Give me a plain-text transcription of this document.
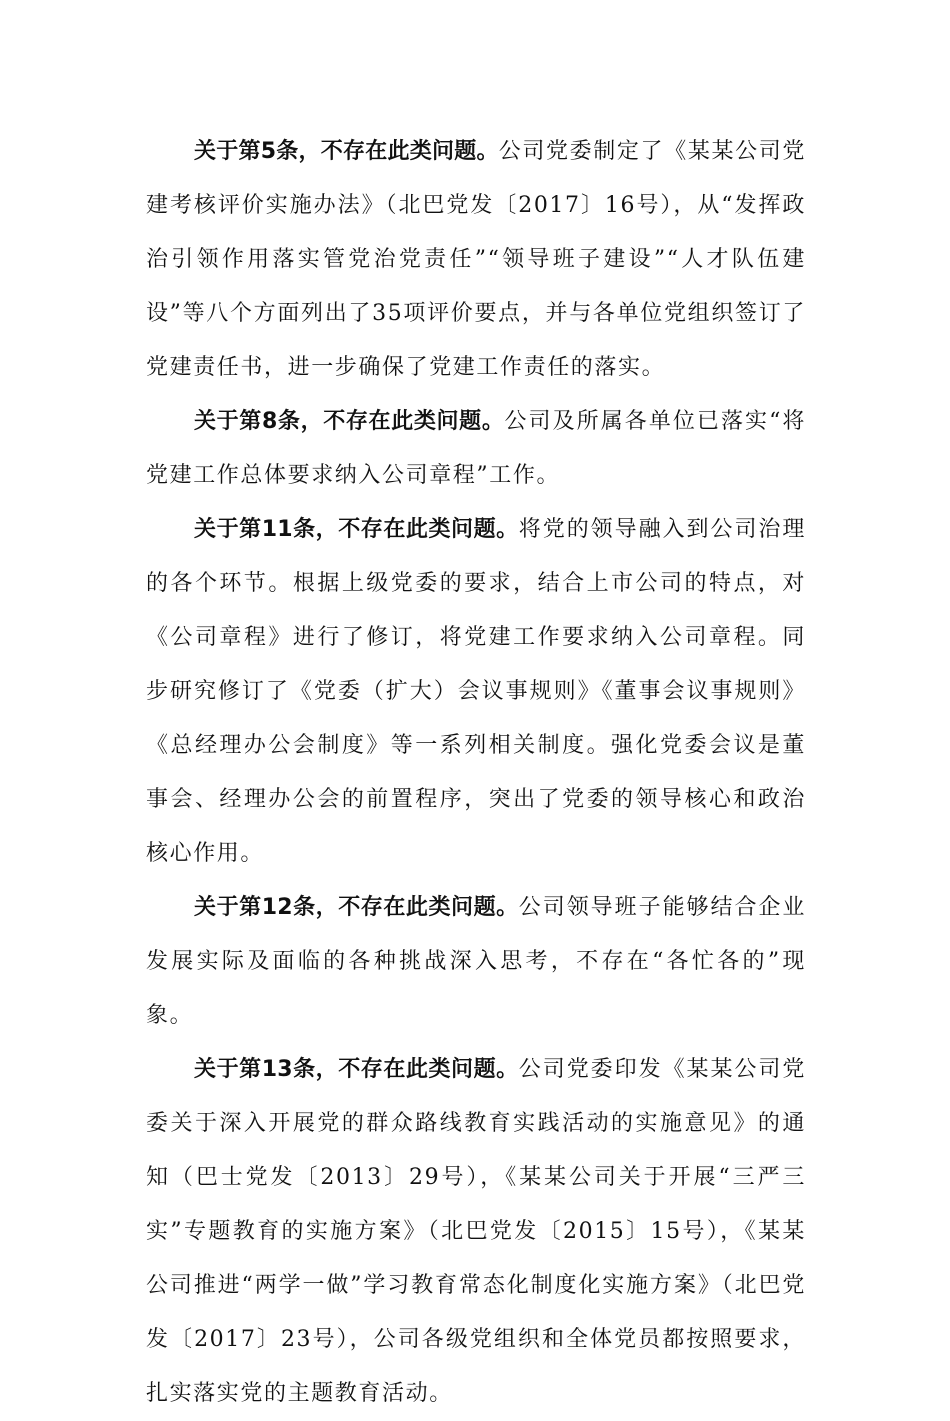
关于第5条，不存在此类问题。公司党委制定了《某某公司党建考核评价实施办法》（北巴党发〔2017〕16号），从“发挥政治引领作用落实管党治党责任”“领导班子建设”“人才队伍建设”等八个方面列出了35项评价要点，并与各单位党组织签订了党建责任书，进一步确保了党建工作责任的落实。

关于第8条，不存在此类问题。公司及所属各单位已落实“将党建工作总体要求纳入公司章程”工作。

关于第11条，不存在此类问题。将党的领导融入到公司治理的各个环节。根据上级党委的要求，结合上市公司的特点，对《公司章程》进行了修订，将党建工作要求纳入公司章程。同步研究修订了《党委（扩大）会议事规则》《董事会议事规则》《总经理办公会制度》等一系列相关制度。强化党委会议是董事会、经理办公会的前置程序，突出了党委的领导核心和政治核心作用。

关于第12条，不存在此类问题。公司领导班子能够结合企业发展实际及面临的各种挑战深入思考，不存在“各忙各的”现象。

关于第13条，不存在此类问题。公司党委印发《某某公司党委关于深入开展党的群众路线教育实践活动的实施意见》的通知（巴士党发〔2013〕29号），《某某公司关于开展“三严三实”专题教育的实施方案》（北巴党发〔2015〕15号），《某某公司推进“两学一做”学习教育常态化制度化实施方案》（北巴党发〔2017〕23号），公司各级党组织和全体党员都按照要求，扎实落实党的主题教育活动。
